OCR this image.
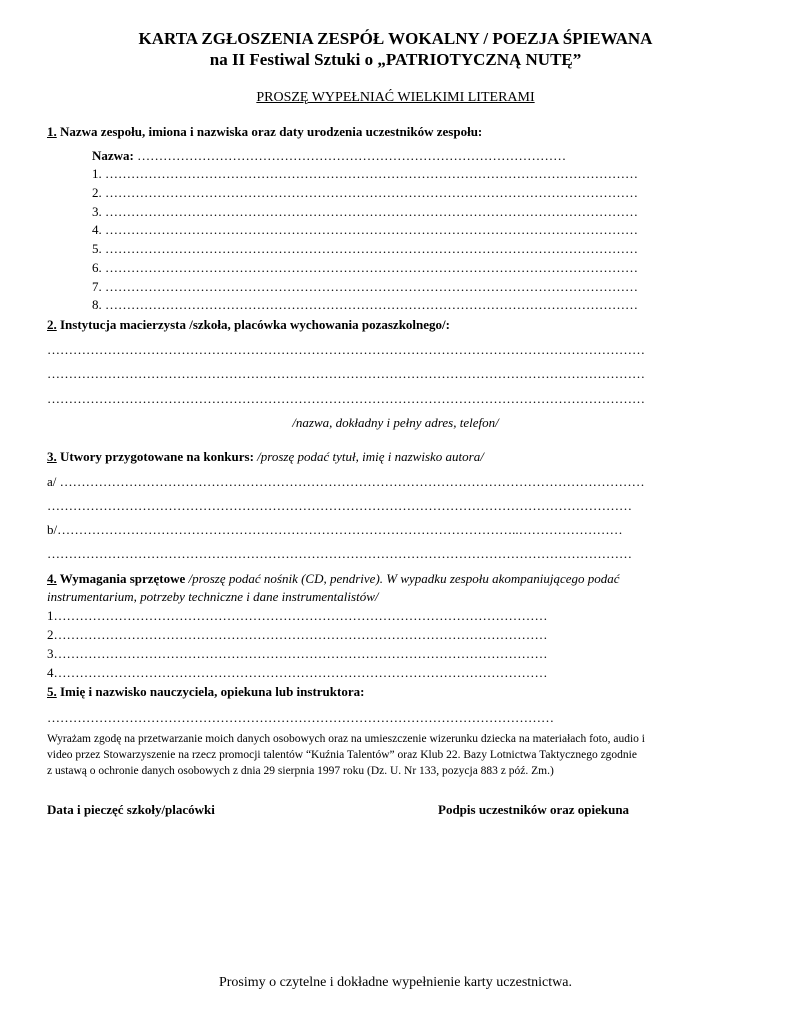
KARTA ZGŁOSZENIA ZESPÓŁ WOKALNY / POEZJA ŚPIEWANA
na II Festiwal Sztuki o „PATRIOTYCZNĄ NUTĘ”
PROSZĘ WYPEŁNIAĆ WIELKIMI LITERAMI
1. Nazwa zespołu, imiona i nazwiska oraz daty urodzenia uczestników zespołu:
Nazwa: ………………………………………………………………………………………
1. ……………………………………………………………………………………………………………
2. ……………………………………………………………………………………………………………
3. ……………………………………………………………………………………………………………
4. ……………………………………………………………………………………………………………
5. ……………………………………………………………………………………………………………
6. ……………………………………………………………………………………………………………
7. ……………………………………………………………………………………………………………
8. ……………………………………………………………………………………………………………
2. Instytucja macierzysta /szkoła, placówka wychowania pozaszkolnego/:
…………………………………………………………………………………………………………………………
…………………………………………………………………………………………………………………………
…………………………………………………………………………………………………………………………
/nazwa, dokładny i pełny adres, telefon/
3. Utwory przygotowane na konkurs: /proszę podać tytuł, imię i nazwisko autora/
a/ ………………………………………………………………………………………………………………………
………………………………………………………………………………………………………………………
b/……………………………………………………………………………………………..……………………
………………………………………………………………………………………………………………………
4. Wymagania sprzętowe /proszę podać nośnik (CD, pendrive). W wypadku zespołu akompaniującego podać
instrumentarium, potrzeby techniczne i dane instrumentalistów/
1……………………………………………………………………………………………………
2……………………………………………………………………………………………………
3……………………………………………………………………………………………………
4……………………………………………………………………………………………………
5. Imię i nazwisko nauczyciela, opiekuna lub instruktora:
………………………………………………………………………………………………………
Wyrażam zgodę na przetwarzanie moich danych osobowych oraz na umieszczenie wizerunku dziecka na materiałach foto, audio i
video przez Stowarzyszenie na rzecz promocji talentów “Kuźnia Talentów” oraz Klub 22. Bazy Lotnictwa Taktycznego zgodnie
z ustawą o ochronie danych osobowych z dnia 29 sierpnia 1997 roku (Dz. U. Nr 133, pozycja 883 z póź. Zm.)
Data i pieczęć szkoły/placówki	Podpis uczestników oraz opiekuna
Prosimy o czytelne i dokładne wypełnienie karty uczestnictwa.
